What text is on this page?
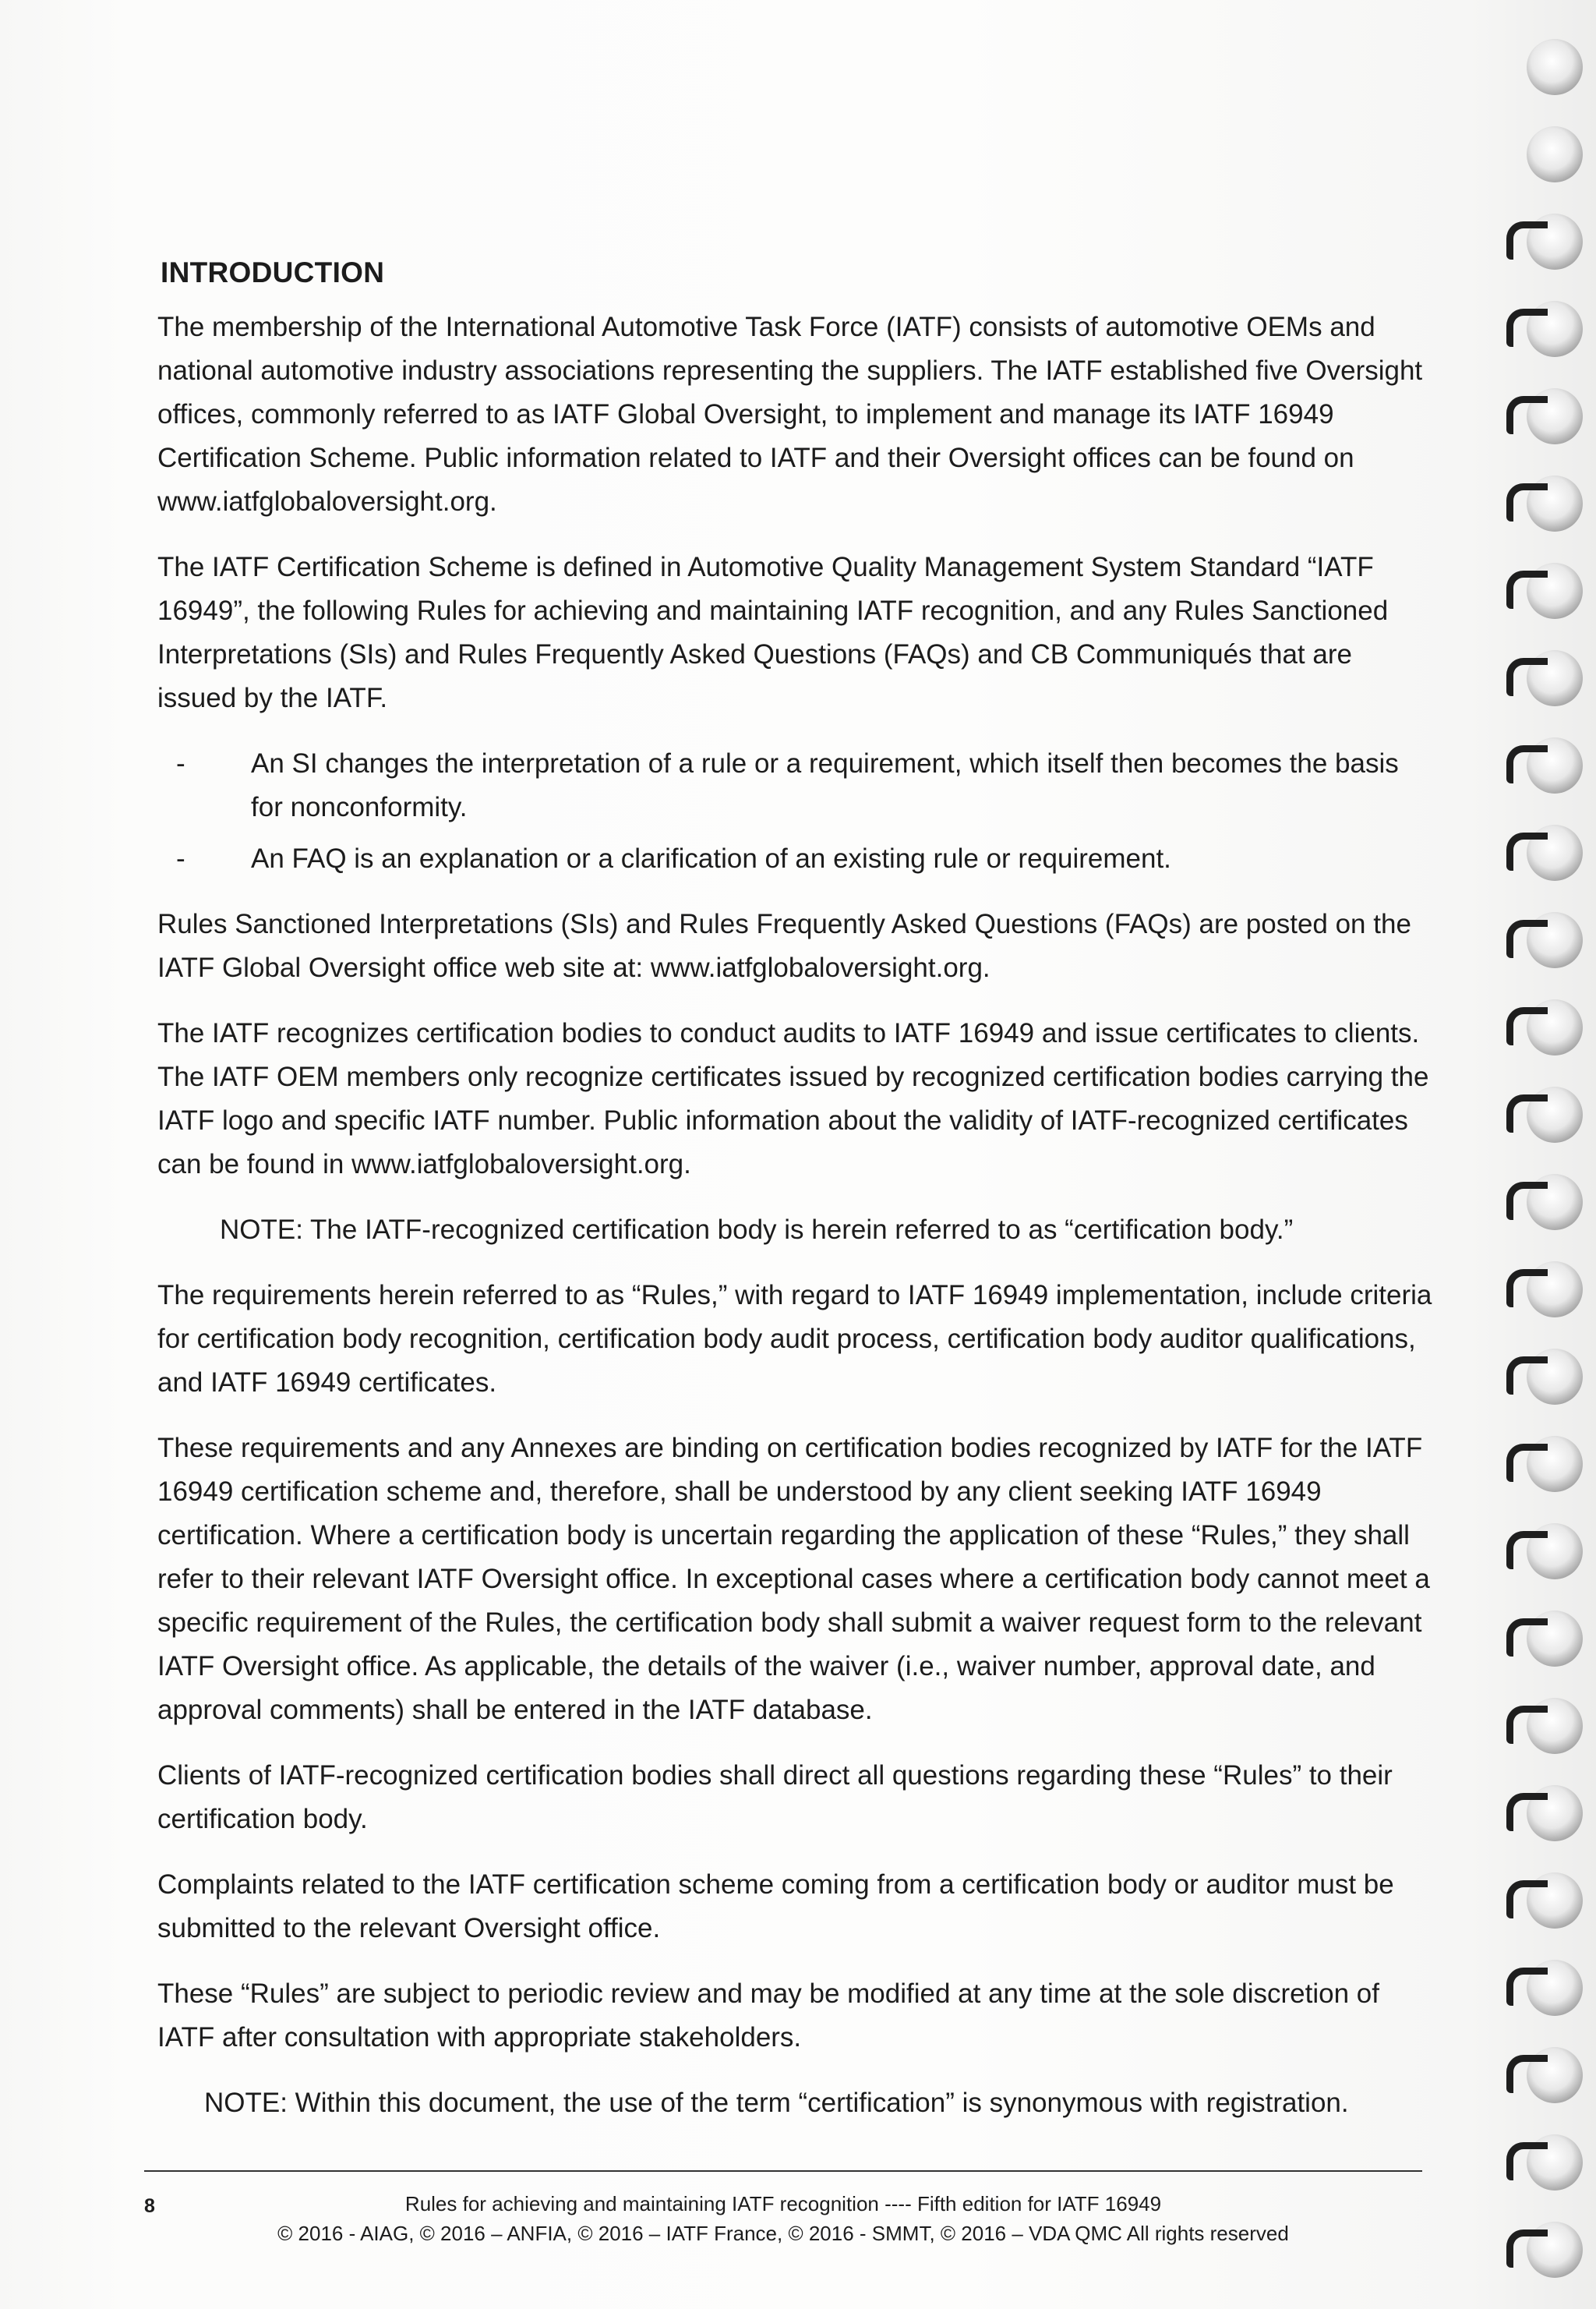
INTRODUCTION

The membership of the International Automotive Task Force (IATF) consists of automotive OEMs and national automotive industry associations representing the suppliers. The IATF established five Oversight offices, commonly referred to as IATF Global Oversight, to implement and manage its IATF 16949 Certification Scheme. Public information related to IATF and their Oversight offices can be found on www.iatfglobaloversight.org.

The IATF Certification Scheme is defined in Automotive Quality Management System Standard “IATF 16949”, the following Rules for achieving and maintaining IATF recognition, and any Rules Sanctioned Interpretations (SIs) and Rules Frequently Asked Questions (FAQs) and CB Communiqués that are issued by the IATF.

-	An SI changes the interpretation of a rule or a requirement, which itself then becomes the basis for nonconformity.
-	An FAQ is an explanation or a clarification of an existing rule or requirement.

Rules Sanctioned Interpretations (SIs) and Rules Frequently Asked Questions (FAQs) are posted on the IATF Global Oversight office web site at: www.iatfglobaloversight.org.

The IATF recognizes certification bodies to conduct audits to IATF 16949 and issue certificates to clients. The IATF OEM members only recognize certificates issued by recognized certification bodies carrying the IATF logo and specific IATF number. Public information about the validity of IATF-recognized certificates can be found in www.iatfglobaloversight.org.

NOTE: The IATF-recognized certification body is herein referred to as “certification body.”

The requirements herein referred to as “Rules,” with regard to IATF 16949 implementation, include criteria for certification body recognition, certification body audit process, certification body auditor qualifications, and IATF 16949 certificates.

These requirements and any Annexes are binding on certification bodies recognized by IATF for the IATF 16949 certification scheme and, therefore, shall be understood by any client seeking IATF 16949 certification. Where a certification body is uncertain regarding the application of these “Rules,” they shall refer to their relevant IATF Oversight office. In exceptional cases where a certification body cannot meet a specific requirement of the Rules, the certification body shall submit a waiver request form to the relevant IATF Oversight office. As applicable, the details of the waiver (i.e., waiver number, approval date, and approval comments) shall be entered in the IATF database.

Clients of IATF-recognized certification bodies shall direct all questions regarding these “Rules” to their certification body.

Complaints related to the IATF certification scheme coming from a certification body or auditor must be submitted to the relevant Oversight office.

These “Rules” are subject to periodic review and may be modified at any time at the sole discretion of IATF after consultation with appropriate stakeholders.

NOTE: Within this document, the use of the term “certification” is synonymous with registration.

8	Rules for achieving and maintaining IATF recognition ---- Fifth edition for IATF 16949
© 2016 - AIAG, © 2016 – ANFIA, © 2016 – IATF France, © 2016 - SMMT, © 2016 – VDA QMC All rights reserved
